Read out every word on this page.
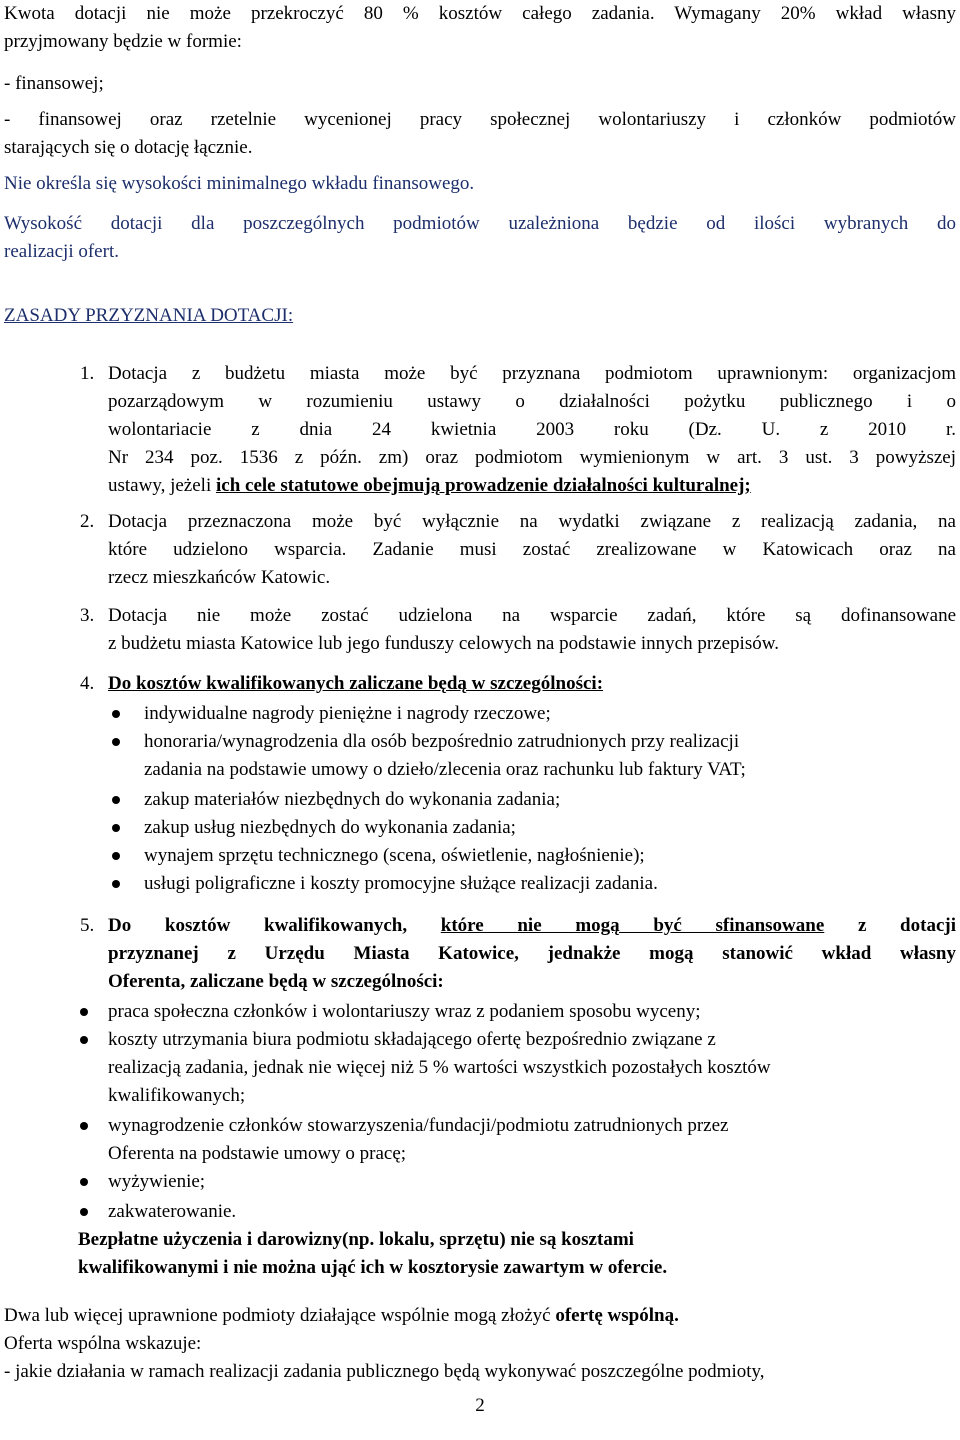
Kwota dotacji nie może przekroczyć 80 % kosztów całego zadania. Wymagany 20% wkład własny
przyjmowany będzie w formie:
- finansowej;
- finansowej oraz rzetelnie wycenionej pracy społecznej wolontariuszy i członków podmiotów
starających się o dotację łącznie.
Nie określa się wysokości minimalnego wkładu finansowego.
Wysokość dotacji dla poszczególnych podmiotów uzależniona będzie od ilości wybranych do
realizacji ofert.
ZASADY PRZYZNANIA DOTACJI:
1. Dotacja z budżetu miasta może być przyznana podmiotom uprawnionym: organizacjom
pozarządowym w rozumieniu ustawy o działalności pożytku publicznego i o
wolontariacie z dnia 24 kwietnia 2003 roku (Dz. U. z 2010 r.
Nr 234 poz. 1536 z późn. zm) oraz podmiotom wymienionym w art. 3 ust. 3 powyższej
ustawy, jeżeli ich cele statutowe obejmują prowadzenie działalności kulturalnej;
2. Dotacja przeznaczona może być wyłącznie na wydatki związane z realizacją zadania, na
które udzielono wsparcia. Zadanie musi zostać zrealizowane w Katowicach oraz na
rzecz mieszkańców Katowic.
3. Dotacja nie może zostać udzielona na wsparcie zadań, które są dofinansowane
z budżetu miasta Katowice lub jego funduszy celowych na podstawie innych przepisów.
4. Do kosztów kwalifikowanych zaliczane będą w szczególności:
indywidualne nagrody pieniężne i nagrody rzeczowe;
honoraria/wynagrodzenia dla osób bezpośrednio zatrudnionych przy realizacji
zadania na podstawie umowy o dzieło/zlecenia oraz rachunku lub faktury VAT;
zakup materiałów niezbędnych do wykonania zadania;
zakup usług niezbędnych do wykonania zadania;
wynajem sprzętu technicznego (scena, oświetlenie, nagłośnienie);
usługi poligraficzne i koszty promocyjne służące realizacji zadania.
5. Do kosztów kwalifikowanych, które nie mogą być sfinansowane z dotacji
przyznanej z Urzędu Miasta Katowice, jednakże mogą stanowić wkład własny
Oferenta, zaliczane będą w szczególności:
praca społeczna członków i wolontariuszy wraz z podaniem sposobu wyceny;
koszty utrzymania biura podmiotu składającego ofertę bezpośrednio związane z
realizacją zadania, jednak nie więcej niż 5 % wartości wszystkich pozostałych kosztów
kwalifikowanych;
wynagrodzenie członków stowarzyszenia/fundacji/podmiotu zatrudnionych przez
Oferenta na podstawie umowy o pracę;
wyżywienie;
zakwaterowanie.
Bezpłatne użyczenia i darowizny(np. lokalu, sprzętu) nie są kosztami
kwalifikowanymi i nie można ująć ich w kosztorysie zawartym w ofercie.
Dwa lub więcej uprawnione podmioty działające wspólnie mogą złożyć ofertę wspólną.
Oferta wspólna wskazuje:
- jakie działania w ramach realizacji zadania publicznego będą wykonywać poszczególne podmioty,
2
